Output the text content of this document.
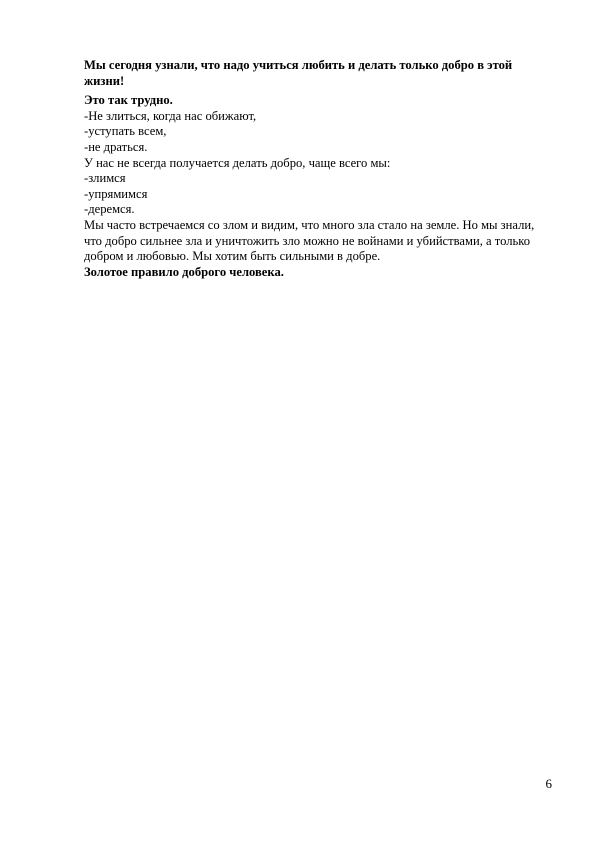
Мы сегодня узнали, что надо учиться любить и делать только добро в этой жизни!

Это так трудно.

-Не злиться, когда нас обижают,

-уступать всем,

-не драться.

У нас не всегда получается делать добро, чаще всего мы:

-злимся

-упрямимся

-деремся.

Мы часто встречаемся со злом и видим, что много зла стало на земле. Но мы знали, что добро сильнее зла и уничтожить зло можно не войнами и убийствами, а только добром и любовью. Мы хотим быть сильными в добре.

Золотое правило доброго человека.

6
